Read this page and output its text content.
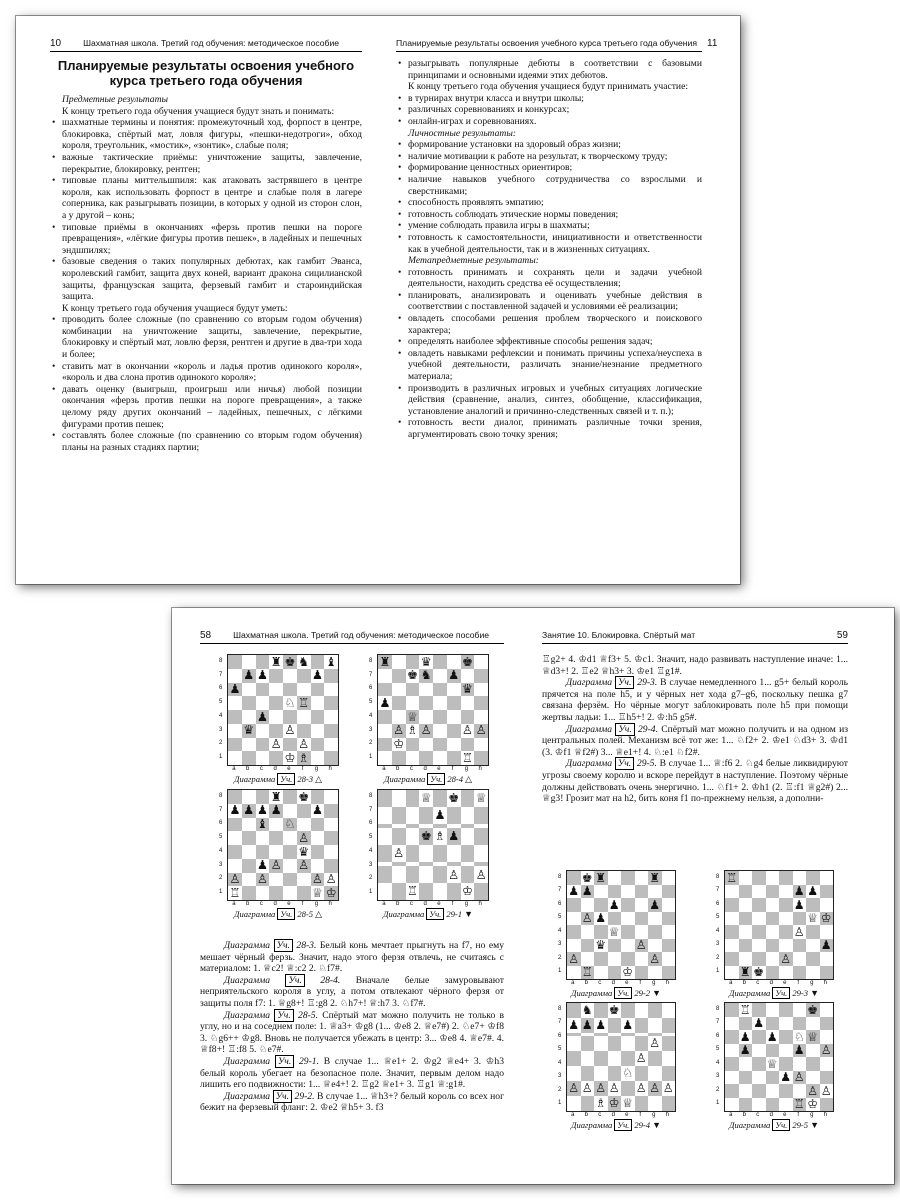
10	Шахматная школа. Третий год обучения: методическое пособие
Планируемые результаты освоения учебного курса третьего года обучения
Предметные результаты
К концу третьего года обучения учащиеся будут знать и понимать:
• шахматные термины и понятия: промежуточный ход, форпост в центре, блокировка, спёртый мат, ловля фигуры, «пешки-недотроги», обход короля, треугольник, «мостик», «зонтик», слабые поля;
• важные тактические приёмы: уничтожение защиты, завлечение, перекрытие, блокировку, рентген;
• типовые планы миттельшпиля: как атаковать застрявшего в центре короля, как использовать форпост в центре и слабые поля в лагере соперника, как разыгрывать позиции, в которых у одной из сторон слон, а у другой – конь;
• типовые приёмы в окончаниях «ферзь против пешки на пороге превращения», «лёгкие фигуры против пешек», в ладейных и пешечных эндшпилях;
• базовые сведения о таких популярных дебютах, как гамбит Эванса, королевский гамбит, защита двух коней, вариант дракона сицилианской защиты, французская защита, ферзевый гамбит и староиндийская защита.
К концу третьего года обучения учащиеся будут уметь:
• проводить более сложные (по сравнению со вторым годом обучения) комбинации на уничтожение защиты, завлечение, перекрытие, блокировку и спёртый мат, ловлю ферзя, рентген и другие в два-три хода и более;
• ставить мат в окончании «король и ладья против одинокого короля», «король и два слона против одинокого короля»;
• давать оценку (выигрыш, проигрыш или ничья) любой позиции окончания «ферзь против пешки на пороге превращения», а также целому ряду других окончаний – ладейных, пешечных, с лёгкими фигурами против пешек;
• составлять более сложные (по сравнению со вторым годом обучения) планы на разных стадиях партии;
Планируемые результаты освоения учебного курса третьего года обучения 11
• разыгрывать популярные дебюты в соответствии с базовыми принципами и основными идеями этих дебютов.
К концу третьего года обучения учащиеся будут принимать участие:
• в турнирах внутри класса и внутри школы;
• различных соревнованиях и конкурсах;
• онлайн-играх и соревнованиях.
Личностные результаты:
• формирование установки на здоровый образ жизни;
• наличие мотивации к работе на результат, к творческому труду;
• формирование ценностных ориентиров;
• наличие навыков учебного сотрудничества со взрослыми и сверстниками;
• способность проявлять эмпатию;
• готовность соблюдать этические нормы поведения;
• умение соблюдать правила игры в шахматы;
• готовность к самостоятельности, инициативности и ответственности как в учебной деятельности, так и в жизненных ситуациях.
Метапредметные результаты:
• готовность принимать и сохранять цели и задачи учебной деятельности, находить средства её осуществления;
• планировать, анализировать и оценивать учебные действия в соответствии с поставленной задачей и условиями её реализации;
• овладеть способами решения проблем творческого и поискового характера;
• определять наиболее эффективные способы решения задач;
• овладеть навыками рефлексии и понимать причины успеха/неуспеха в учебной деятельности, различать знание/незнание предметного материала;
• производить в различных игровых и учебных ситуациях логические действия (сравнение, анализ, синтез, обобщение, классификация, установление аналогий и причинно-следственных связей и т. п.);
• готовность вести диалог, принимать различные точки зрения, аргументировать свою точку зрения;
58	Шахматная школа. Третий год обучения: методическое пособие
8
7
6
5
4
3
2
1
♜ ♚ ♞ ♝
♟ ♟	♟
♟
♘ ♖
♟
♛ ♙
♙ ♙
♔ ♗
a	b	c	d	e	f	g	h
Диаграмма Уч. 28-3 △
8
7
6
5
4
3
2
1
♜ ♛ ♚
♚ ♞ ♟
♛
♟
♕
♙ ♗ ♙ ♙ ♙
♔
♖
a	b	c	d	e	f	g	h
Диаграмма Уч. 28-4 △
8
7
6
5
4
3
2
1
♜ ♚
♟ ♟ ♟ ♟ ♟
♝ ♘
♙
♛
♟ ♙ ♙
♙ ♙	♙ ♙
♖	♕ ♔
a	b	c	d	e	f	g	h
Диаграмма Уч. 28-5 △
8
7
6
5
4
3
2
1
♕ ♚ ♕
♟
♚ ♗ ♟
♙
♙ ♙
♖	♔
a	b	c	d	e	f	g	h
Диаграмма Уч. 29-1 ▼
Диаграмма Уч. 28-3. Белый конь мечтает прыгнуть на f7, но ему мешает чёрный ферзь. Значит, надо этого ферзя отвлечь, не считаясь с материалом: 1. ♕c2! ♕:c2 2. ♘f7#.
Диаграмма Уч. 28-4. Вначале белые замуровывают неприятельского короля в углу, а потом отвлекают чёрного ферзя от защиты поля f7: 1. ♕g8+! ♖:g8 2. ♘h7+! ♕:h7 3. ♘f7#.
Диаграмма Уч. 28-5. Спёртый мат можно получить не только в углу, но и на соседнем поле: 1. ♕a3+ ♔g8 (1... ♔e8 2. ♕e7#) 2. ♘e7+ ♔f8 3. ♘g6++ ♔g8. Вновь не получается убежать в центр: 3... ♔e8 4. ♕e7#. 4. ♕f8+! ♖:f8 5. ♘e7#.
Диаграмма Уч. 29-1. В случае 1... ♕e1+ 2. ♔g2 ♕e4+ 3. ♔h3 белый король убегает на безопасное поле. Значит, первым делом надо лишить его подвижности: 1... ♕e4+! 2. ♖g2 ♕e1+ 3. ♖g1 ♕:g1#.
Диаграмма Уч. 29-2. В случае 1... ♕h3+? белый король со всех ног бежит на ферзевый фланг: 2. ♔e2 ♕h5+ 3. f3
Занятие 10. Блокировка. Спёртый мат	59
♖g2+ 4. ♔d1 ♕f3+ 5. ♔c1. Значит, надо развивать наступление иначе: 1... ♕d3+! 2. ♖e2 ♕h3+ 3. ♔e1 ♖g1#.
Диаграмма Уч. 29-3. В случае немедленного 1... g5+ белый король прячется на поле h5, и у чёрных нет хода g7–g6, поскольку пешка g7 связана ферзём. Но чёрные могут заблокировать поле h5 при помощи жертвы ладьи: 1... ♖h5+! 2. ♔:h5 g5#.
Диаграмма Уч. 29-4. Спёртый мат можно получить и на одном из центральных полей. Механизм всё тот же: 1... ♘f2+ 2. ♔e1 ♘d3+ 3. ♔d1 (3. ♔f1 ♕f2#) 3... ♕e1+! 4. ♘:e1 ♘f2#.
Диаграмма Уч. 29-5. В случае 1... ♕:f6 2. ♘g4 белые ликвидируют угрозы своему королю и вскоре перейдут в наступление. Поэтому чёрные должны действовать очень энергично. 1... ♘f1+ 2. ♔h1 (2. ♖:f1 ♕g2#) 2... ♕g3! Грозит мат на h2, бить коня f1 по-прежнему нельзя, а дополни-
8
7
6
5
4
3
2
1
♚ ♜	♜
♟ ♟
♟ ♟
♙ ♟
♕
♛ ♙
♙	♙
♖ ♔
a	b	c	d	e	f	g	h
Диаграмма Уч. 29-2 ▼
8
7
6
5
4
3
2
1
♖
♟ ♟
♟
♕ ♔
♙
♟
♙
♜ ♚
a	b	c	d	e	f	g	h
Диаграмма Уч. 29-3 ▼
8
7
6
5
4
3
2
1
♞ ♚
♟ ♟ ♟ ♟
♙
♙
♘
♙ ♙ ♙ ♙ ♙ ♙ ♙
♗ ♔ ♕
a	b	c	d	e	f	g	h
Диаграмма Уч. 29-4 ▼
8
7
6
5
4
3
2
1
♖	♚
♟
♟ ♟ ♘ ♕
♟	♟ ♙
♕
♟ ♙
♙ ♙
♖ ♔
a	b	c	d	e	f	g	h
Диаграмма Уч. 29-5 ▼
